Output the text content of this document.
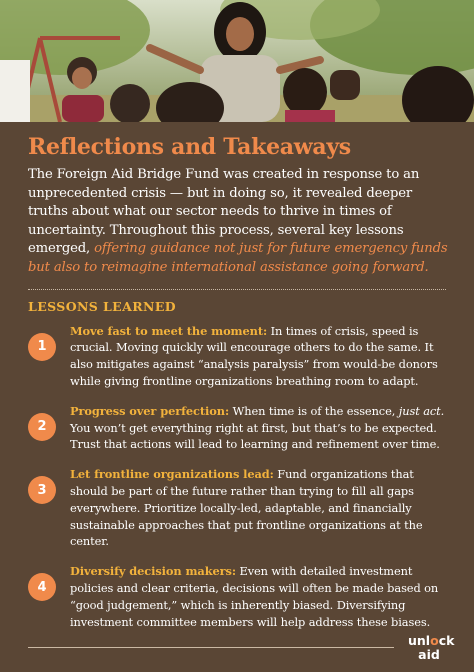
Reflections and Takeaways

The Foreign Aid Bridge Fund was created in response to an unprecedented crisis — but in doing so, it revealed deeper truths about what our sector needs to thrive in times of uncertainty. Throughout this process, several key lessons emerged, offering guidance not just for future emergency funds but also to reimagine international assistance going forward.

LESSONS LEARNED
1
Move fast to meet the moment: In times of crisis, speed is crucial. Moving quickly will encourage others to do the same. It also mitigates against “analysis paralysis” from would-be donors while giving frontline organizations breathing room to adapt.
2
Progress over perfection: When time is of the essence, just act. You won’t get everything right at first, but that’s to be expected. Trust that actions will lead to learning and refinement over time.
3
Let frontline organizations lead: Fund organizations that should be part of the future rather than trying to fill all gaps everywhere. Prioritize locally-led, adaptable, and financially sustainable approaches that put frontline organizations at the center.
4
Diversify decision makers: Even with detailed investment policies and clear criteria, decisions will often be made based on “good judgement,” which is inherently biased. Diversifying investment committee members will help address these biases.
unlock
aid
